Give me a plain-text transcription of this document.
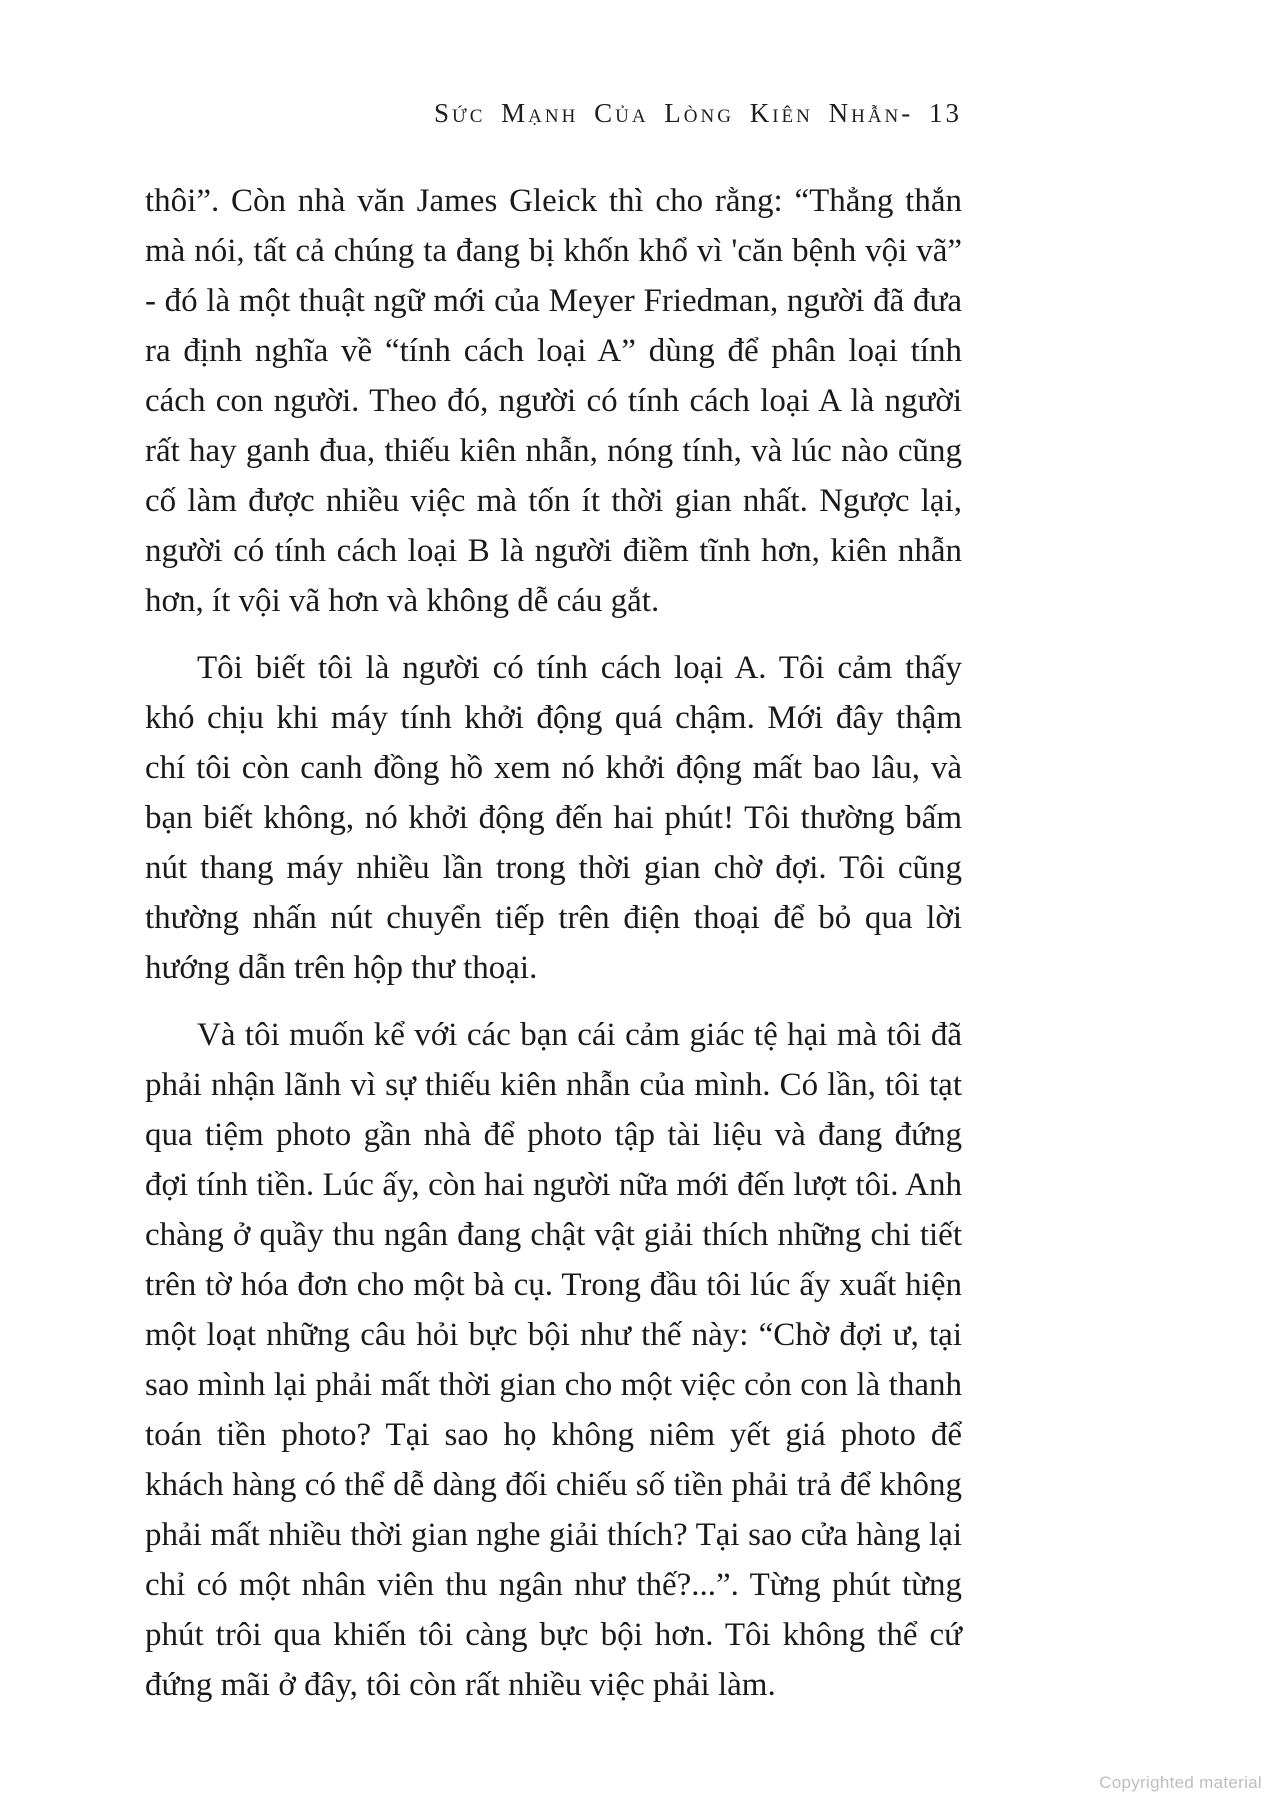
Sức Mạnh Của Lòng Kiên Nhẫn- 13

thôi”. Còn nhà văn James Gleick thì cho rằng: “Thẳng thắn mà nói, tất cả chúng ta đang bị khốn khổ vì 'căn bệnh vội vã” - đó là một thuật ngữ mới của Meyer Friedman, người đã đưa ra định nghĩa về “tính cách loại A” dùng để phân loại tính cách con người. Theo đó, người có tính cách loại A là người rất hay ganh đua, thiếu kiên nhẫn, nóng tính, và lúc nào cũng cố làm được nhiều việc mà tốn ít thời gian nhất. Ngược lại, người có tính cách loại B là người điềm tĩnh hơn, kiên nhẫn hơn, ít vội vã hơn và không dễ cáu gắt.

Tôi biết tôi là người có tính cách loại A. Tôi cảm thấy khó chịu khi máy tính khởi động quá chậm. Mới đây thậm chí tôi còn canh đồng hồ xem nó khởi động mất bao lâu, và bạn biết không, nó khởi động đến hai phút! Tôi thường bấm nút thang máy nhiều lần trong thời gian chờ đợi. Tôi cũng thường nhấn nút chuyển tiếp trên điện thoại để bỏ qua lời hướng dẫn trên hộp thư thoại.

Và tôi muốn kể với các bạn cái cảm giác tệ hại mà tôi đã phải nhận lãnh vì sự thiếu kiên nhẫn của mình. Có lần, tôi tạt qua tiệm photo gần nhà để photo tập tài liệu và đang đứng đợi tính tiền. Lúc ấy, còn hai người nữa mới đến lượt tôi. Anh chàng ở quầy thu ngân đang chật vật giải thích những chi tiết trên tờ hóa đơn cho một bà cụ. Trong đầu tôi lúc ấy xuất hiện một loạt những câu hỏi bực bội như thế này: “Chờ đợi ư, tại sao mình lại phải mất thời gian cho một việc cỏn con là thanh toán tiền photo? Tại sao họ không niêm yết giá photo để khách hàng có thể dễ dàng đối chiếu số tiền phải trả để không phải mất nhiều thời gian nghe giải thích? Tại sao cửa hàng lại chỉ có một nhân viên thu ngân như thế?...”. Từng phút từng phút trôi qua khiến tôi càng bực bội hơn. Tôi không thể cứ đứng mãi ở đây, tôi còn rất nhiều việc phải làm.

Copyrighted material
